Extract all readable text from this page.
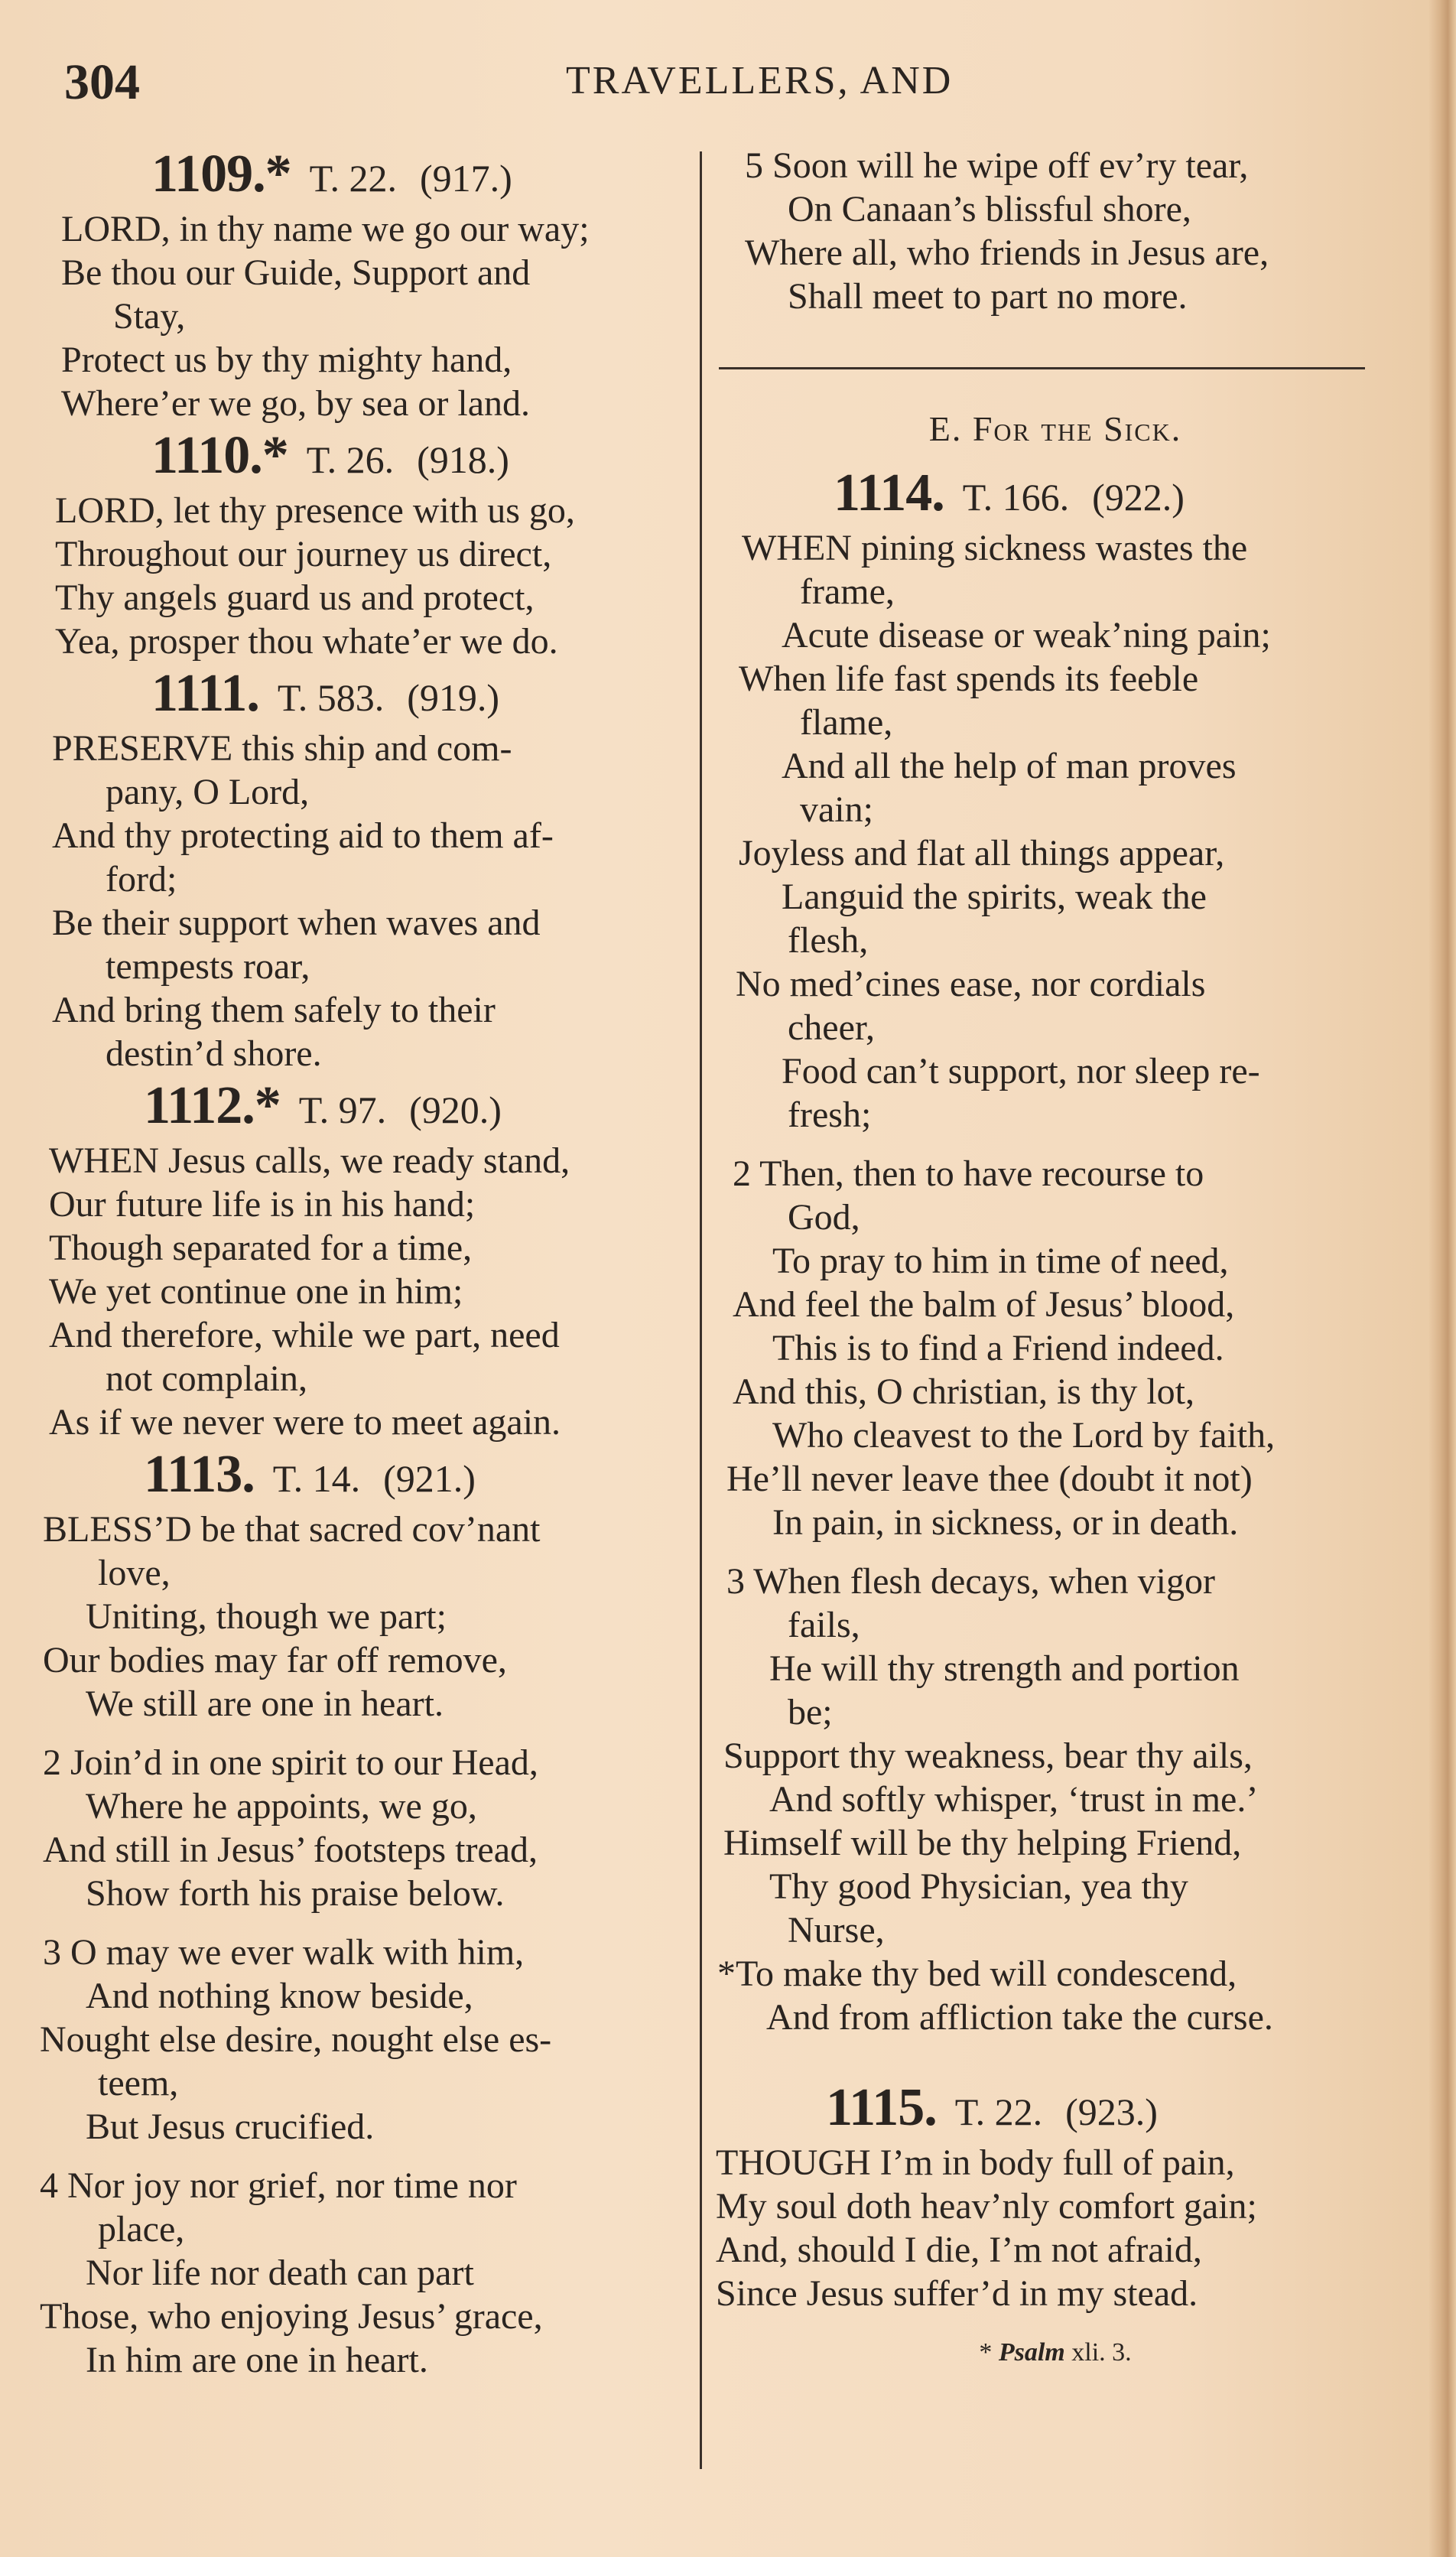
304	TRAVELLERS, AND
1109.* T. 22. (917.)
LORD, in thy name we go our way;
Be thou our Guide, Support and
Stay,
Protect us by thy mighty hand,
Where’er we go, by sea or land.
1110.* T. 26. (918.)
LORD, let thy presence with us go,
Throughout our journey us direct,
Thy angels guard us and protect,
Yea, prosper thou whate’er we do.
1111. T. 583. (919.)
PRESERVE this ship and com-
pany, O Lord,
And thy protecting aid to them af-
ford;
Be their support when waves and
tempests roar,
And bring them safely to their
destin’d shore.
1112.* T. 97. (920.)
WHEN Jesus calls, we ready stand,
Our future life is in his hand;
Though separated for a time,
We yet continue one in him;
And therefore, while we part, need
not complain,
As if we never were to meet again.
1113. T. 14. (921.)
BLESS’D be that sacred cov’nant
love,
Uniting, though we part;
Our bodies may far off remove,
We still are one in heart.
2 Join’d in one spirit to our Head,
Where he appoints, we go,
And still in Jesus’ footsteps tread,
Show forth his praise below.
3 O may we ever walk with him,
And nothing know beside,
Nought else desire, nought else es-
teem,
But Jesus crucified.
4 Nor joy nor grief, nor time nor
place,
Nor life nor death can part
Those, who enjoying Jesus’ grace,
In him are one in heart.
5 Soon will he wipe off ev’ry tear,
On Canaan’s blissful shore,
Where all, who friends in Jesus are,
Shall meet to part no more.
E. For the Sick.
1114. T. 166. (922.)
WHEN pining sickness wastes the
frame,
Acute disease or weak’ning pain;
When life fast spends its feeble
flame,
And all the help of man proves
vain;
Joyless and flat all things appear,
Languid the spirits, weak the
flesh,
No med’cines ease, nor cordials
cheer,
Food can’t support, nor sleep re-
fresh;
2 Then, then to have recourse to
God,
To pray to him in time of need,
And feel the balm of Jesus’ blood,
This is to find a Friend indeed.
And this, O christian, is thy lot,
Who cleavest to the Lord by faith,
He’ll never leave thee (doubt it not)
In pain, in sickness, or in death.
3 When flesh decays, when vigor
fails,
He will thy strength and portion
be;
Support thy weakness, bear thy ails,
And softly whisper, ‘trust in me.’
Himself will be thy helping Friend,
Thy good Physician, yea thy
Nurse,
*To make thy bed will condescend,
And from affliction take the curse.
1115. T. 22. (923.)
THOUGH I’m in body full of pain,
My soul doth heav’nly comfort gain;
And, should I die, I’m not afraid,
Since Jesus suffer’d in my stead.
* Psalm xli. 3.
